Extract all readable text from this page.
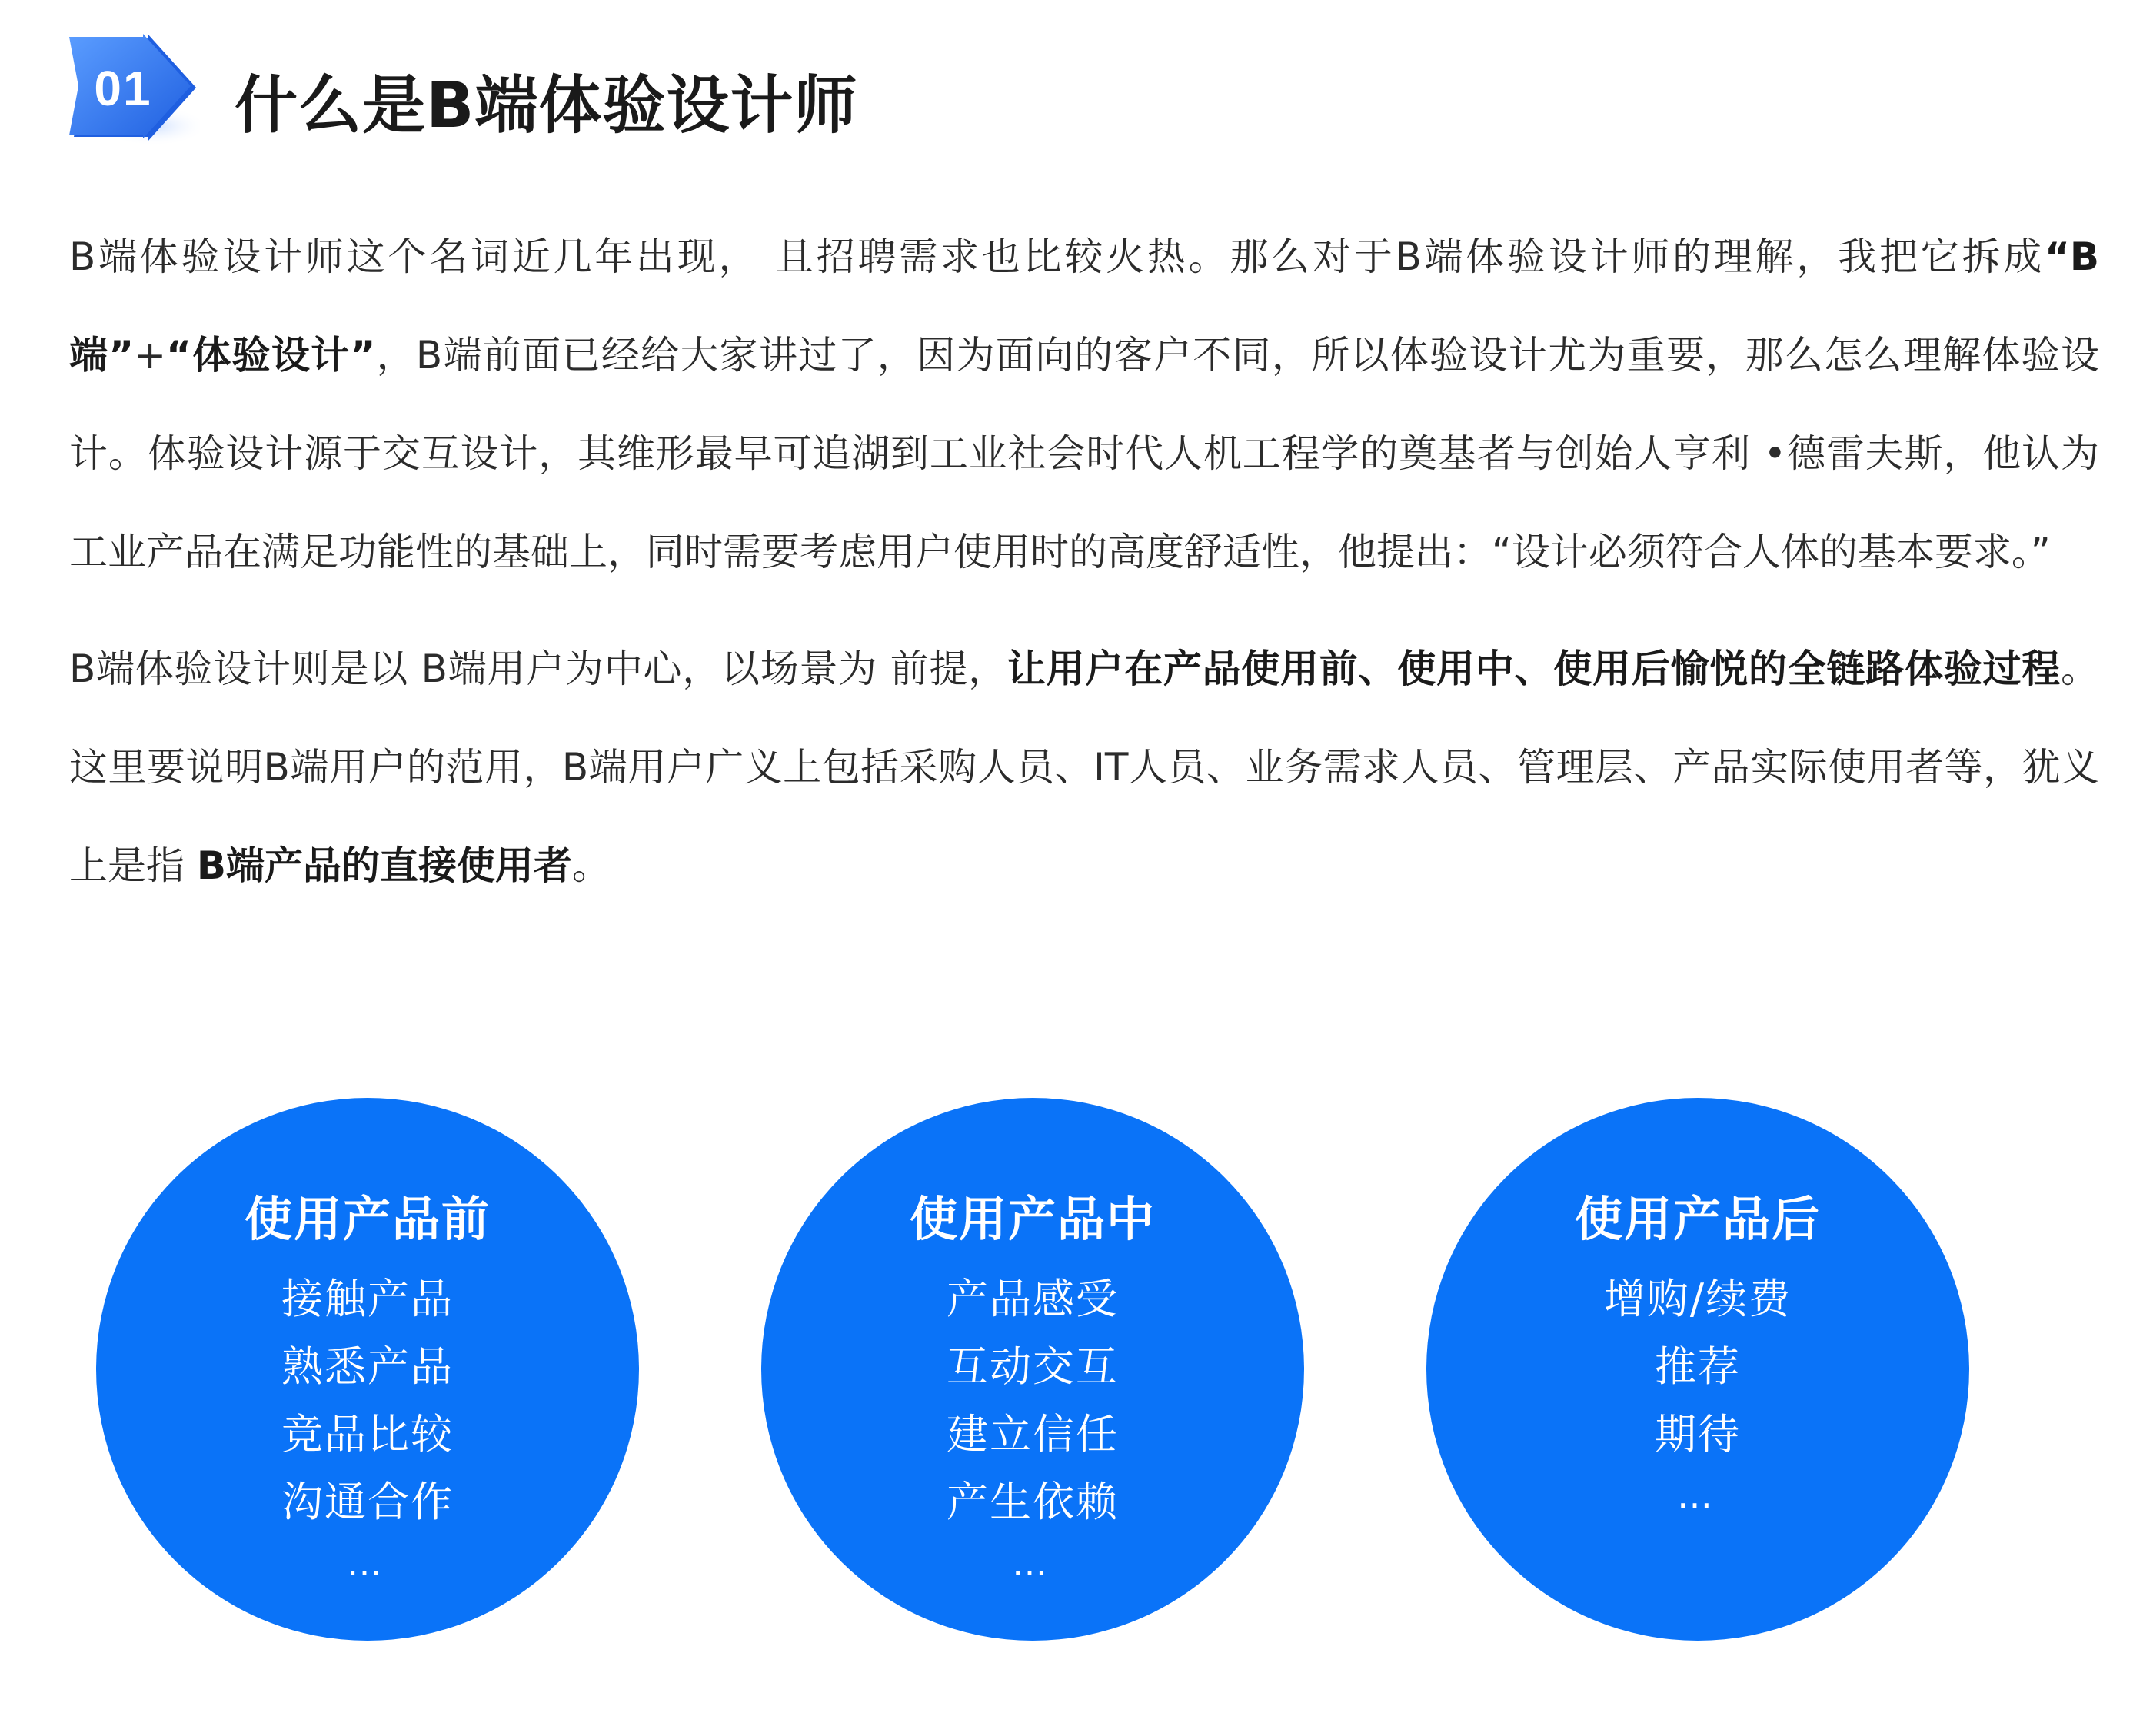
01	什么是B端体验设计师

B端体验设计师这个名词近几年出现， 且招聘需求也比较火热。那么对于B端体验设计师的理解，我把它拆成“B端”+“体验设计”，B端前面已经给大家讲过了，因为面向的客户不同，所以体验设计尤为重要，那么怎么理解体验设计。体验设计源于交互设计，其维形最早可追湖到工业社会时代人机工程学的奠基者与创始人亨利 •德雷夫斯，他认为工业产品在满足功能性的基础上，同时需要考虑用户使用时的高度舒适性，他提出：“设计必须符合人体的基本要求。”

B端体验设计则是以 B端用户为中心，以场景为 前提，让用户在产品使用前、使用中、使用后愉悦的全链路体验过程。这里要说明B端用户的范用，B端用户广义上包括采购人员、IT人员、业务需求人员、管理层、产品实际使用者等，犹义上是指 B端产品的直接使用者。

使用产品前
接触产品
熟悉产品
竞品比较
沟通合作
…
使用产品中
产品感受
互动交互
建立信任
产生依赖
…
使用产品后
增购/续费
推荐
期待
…
